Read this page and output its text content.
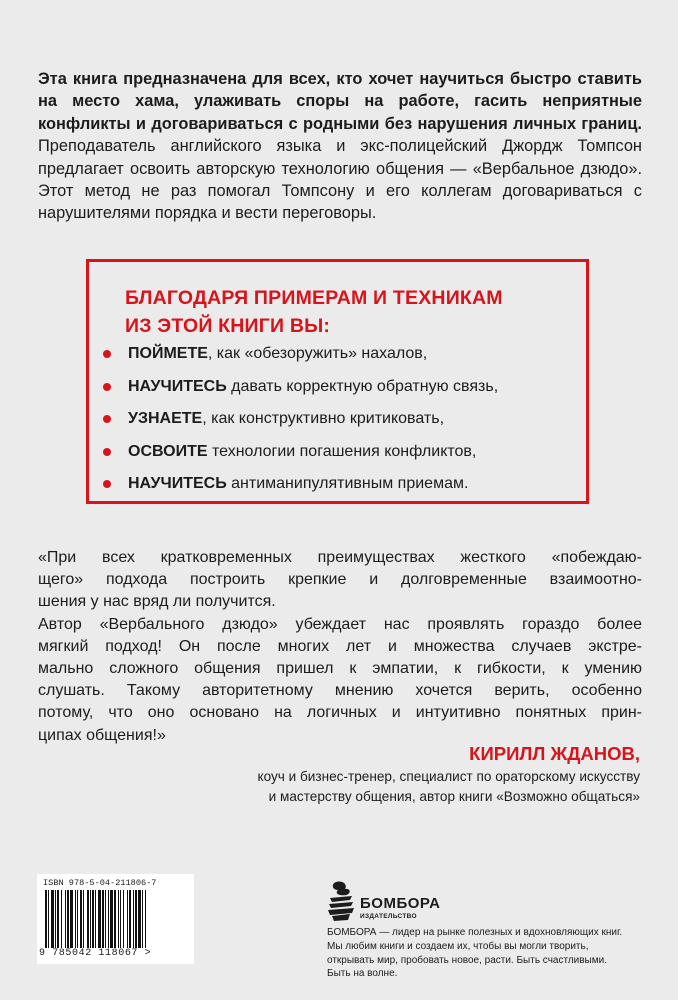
Эта книга предназначена для всех, кто хочет научиться быстро ставить на место хама, улаживать споры на работе, гасить неприятные конфликты и договариваться с родными без нарушения личных границ. Преподаватель английского языка и экс-полицейский Джордж Томпсон предлагает освоить авторскую технологию общения — «Вербальное дзюдо». Этот метод не раз помогал Томпсону и его коллегам договариваться с нарушителями порядка и вести переговоры.
БЛАГОДАРЯ ПРИМЕРАМ И ТЕХНИКАМ
ИЗ ЭТОЙ КНИГИ ВЫ:
ПОЙМЕТЕ, как «обезоружить» нахалов,
НАУЧИТЕСЬ давать корректную обратную связь,
УЗНАЕТЕ, как конструктивно критиковать,
ОСВОИТЕ технологии погашения конфликтов,
НАУЧИТЕСЬ антиманипулятивным приемам.
«При всех кратковременных преимуществах жесткого «побеждаю-
щего» подхода построить крепкие и долговременные взаимоотно-
шения у нас вряд ли получится.
Автор «Вербального дзюдо» убеждает нас проявлять гораздо более
мягкий подход! Он после многих лет и множества случаев экстре-
мально сложного общения пришел к эмпатии, к гибкости, к умению
слушать. Такому авторитетному мнению хочется верить, особенно
потому, что оно основано на логичных и интуитивно понятных прин-
ципах общения!»
КИРИЛЛ ЖДАНОВ,
коуч и бизнес-тренер, специалист по ораторскому искусству
и мастерству общения, автор книги «Возможно общаться»
ISBN 978-5-04-211806-7
9 785042 118067 >
БОМБОРА
ИЗДАТЕЛЬСТВО
БОМБОРА — лидер на рынке полезных и вдохновляющих книг. Мы любим книги и создаем их, чтобы вы могли творить, открывать мир, пробовать новое, расти. Быть счастливыми. Быть на волне.
